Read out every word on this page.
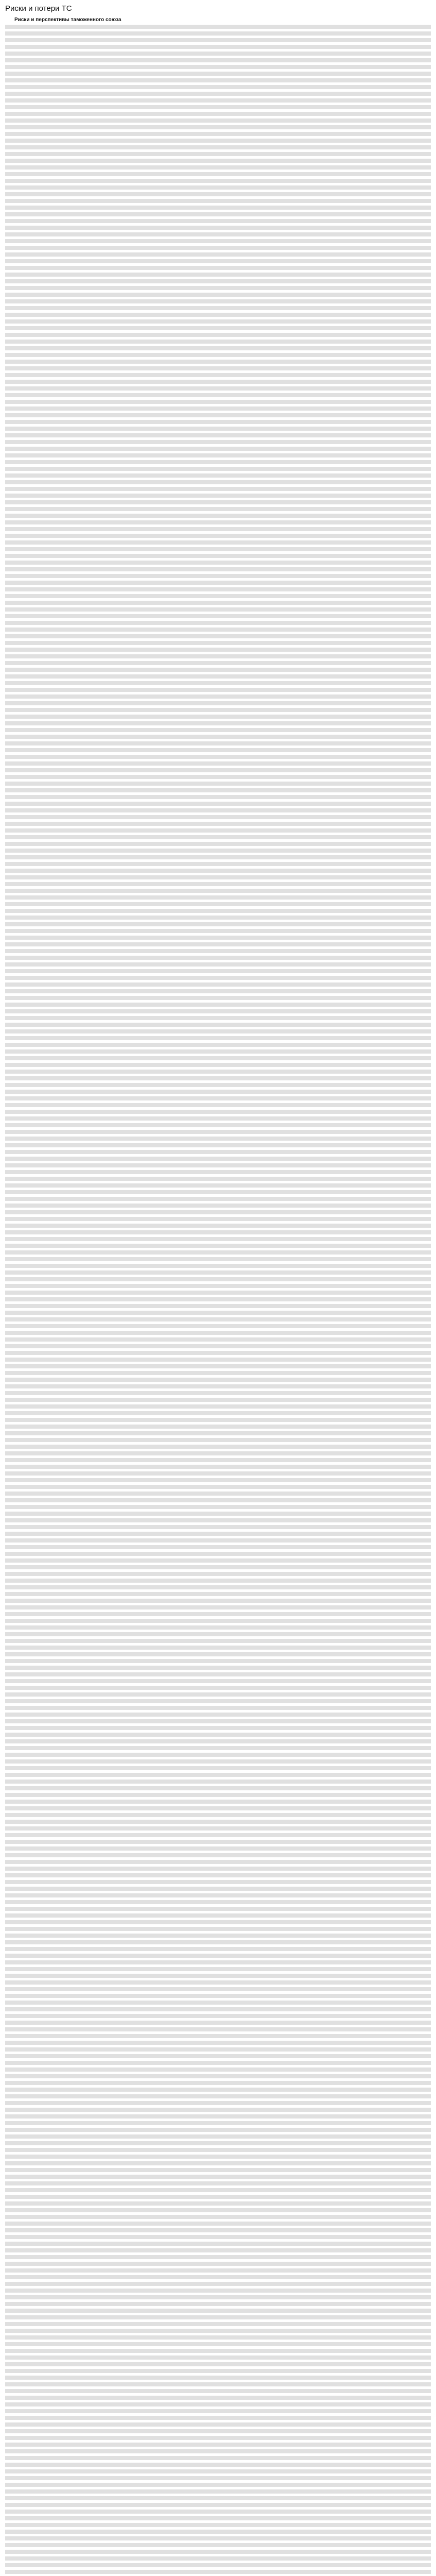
Риски и потери ТС
Риски и перспективы таможенного союза
